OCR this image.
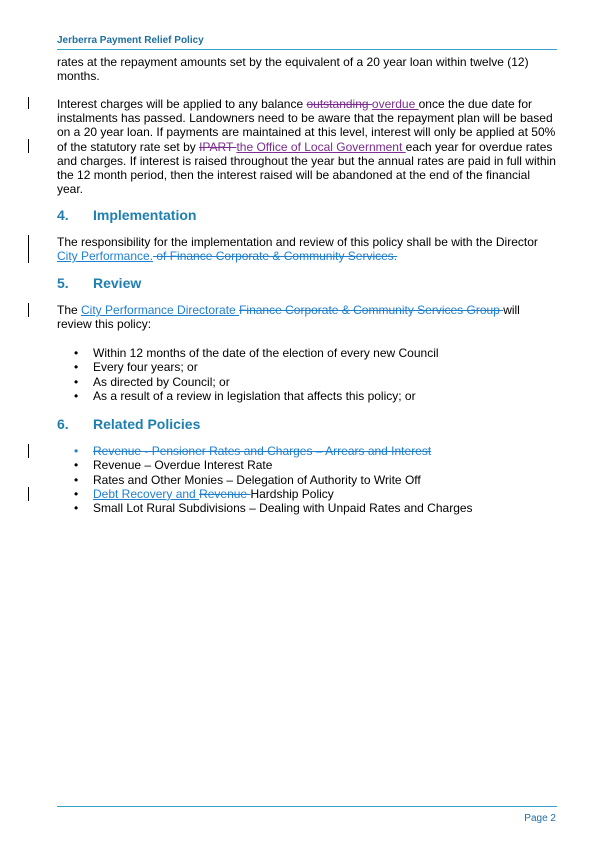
Jerberra Payment Relief Policy
rates at the repayment amounts set by the equivalent of a 20 year loan within twelve (12) months.
Interest charges will be applied to any balance outstanding overdue once the due date for instalments has passed. Landowners need to be aware that the repayment plan will be based on a 20 year loan. If payments are maintained at this level, interest will only be applied at 50% of the statutory rate set by IPART the Office of Local Government each year for overdue rates and charges. If interest is raised throughout the year but the annual rates are paid in full within the 12 month period, then the interest raised will be abandoned at the end of the financial year.
4. Implementation
The responsibility for the implementation and review of this policy shall be with the Director City Performance. of Finance Corporate & Community Services.
5. Review
The City Performance Directorate Finance Corporate & Community Services Group will review this policy:
• Within 12 months of the date of the election of every new Council
• Every four years; or
• As directed by Council; or
• As a result of a review in legislation that affects this policy; or
6. Related Policies
• Revenue - Pensioner Rates and Charges – Arrears and Interest
• Revenue – Overdue Interest Rate
• Rates and Other Monies – Delegation of Authority to Write Off
• Debt Recovery and Revenue Hardship Policy
• Small Lot Rural Subdivisions – Dealing with Unpaid Rates and Charges
Page 2
